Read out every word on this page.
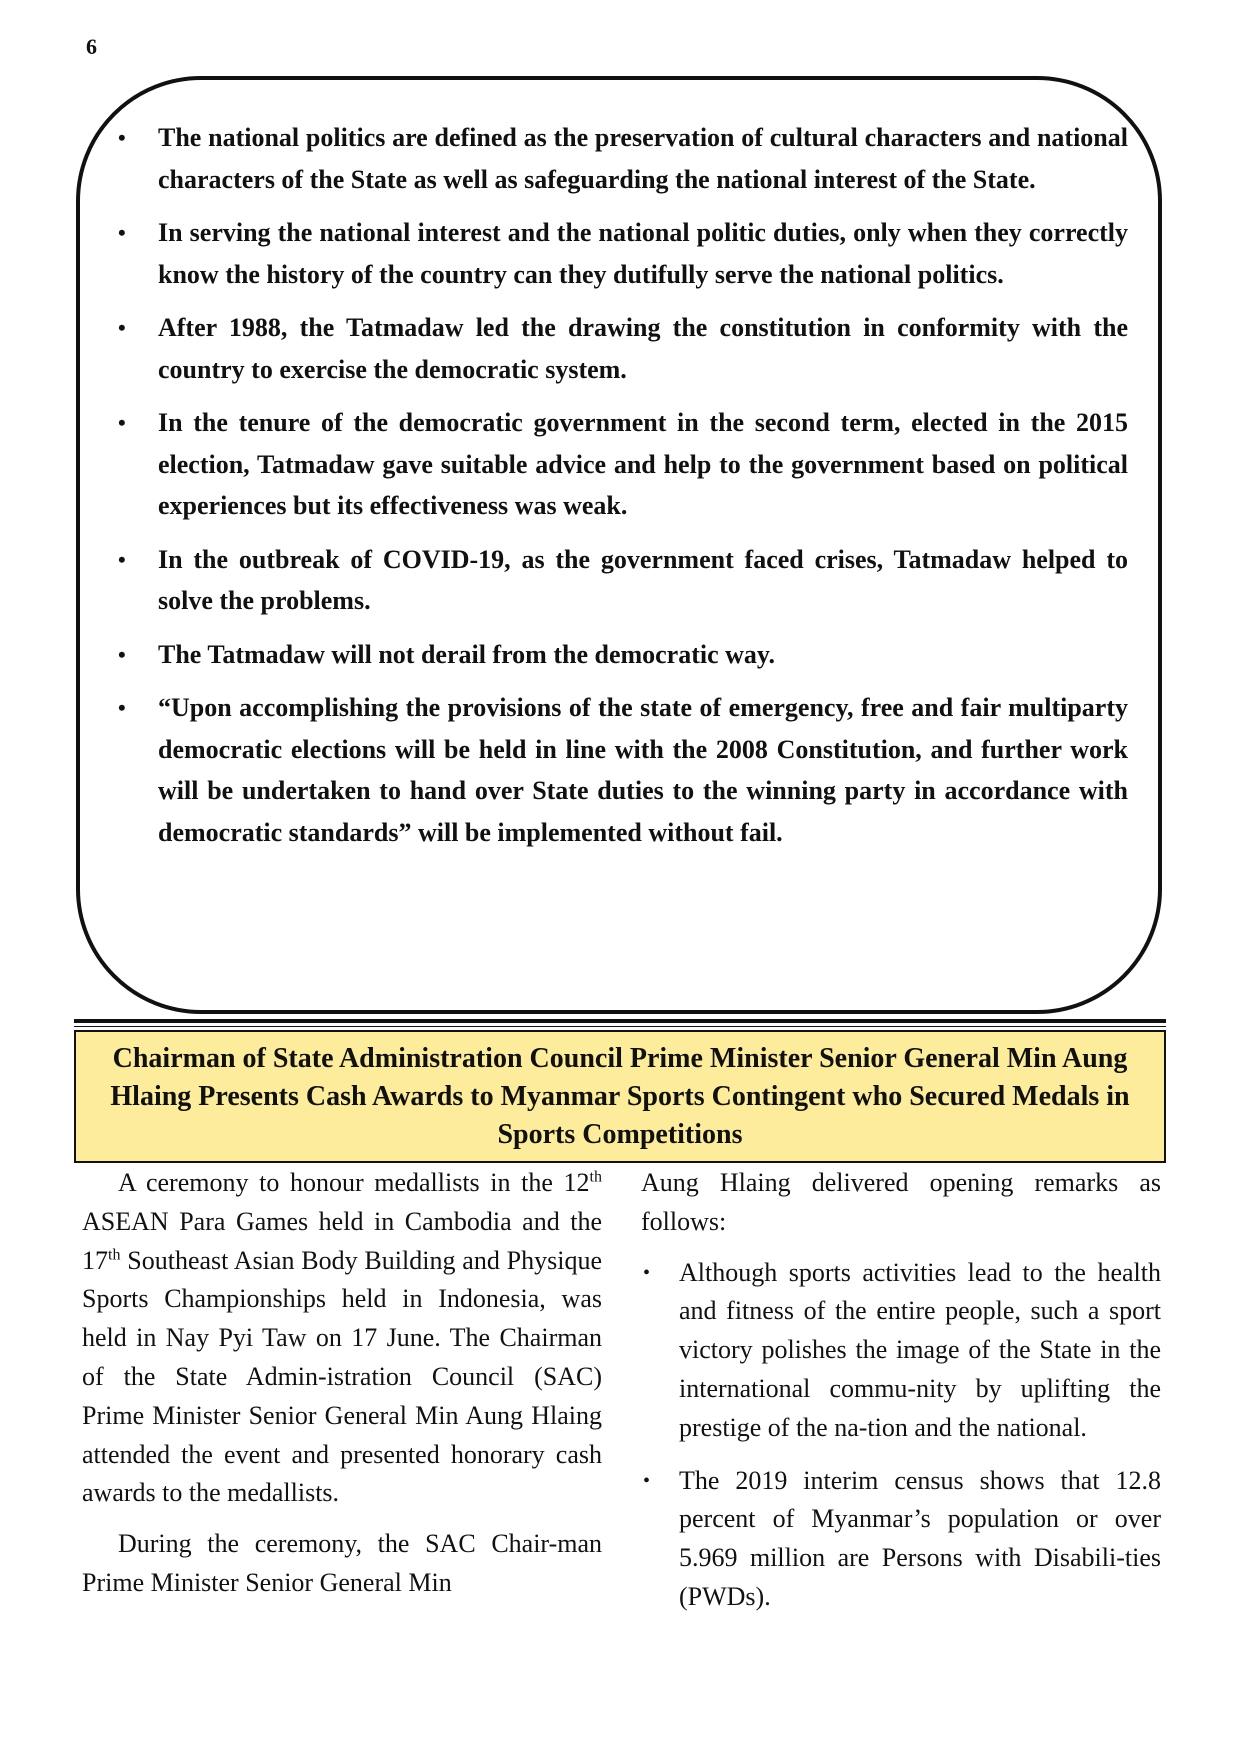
6
• The national politics are defined as the preservation of cultural characters and national characters of the State as well as safeguarding the national interest of the State.
• In serving the national interest and the national politic duties, only when they correctly know the history of the country can they dutifully serve the national politics.
• After 1988, the Tatmadaw led the drawing the constitution in conformity with the country to exercise the democratic system.
• In the tenure of the democratic government in the second term, elected in the 2015 election, Tatmadaw gave suitable advice and help to the government based on political experiences but its effectiveness was weak.
• In the outbreak of COVID-19, as the government faced crises, Tatmadaw helped to solve the problems.
• The Tatmadaw will not derail from the democratic way.
• “Upon accomplishing the provisions of the state of emergency, free and fair multiparty democratic elections will be held in line with the 2008 Constitution, and further work will be undertaken to hand over State duties to the winning party in accordance with democratic standards” will be implemented without fail.

Chairman of State Administration Council Prime Minister Senior General Min Aung Hlaing Presents Cash Awards to Myanmar Sports Contingent who Secured Medals in Sports Competitions

A ceremony to honour medallists in the 12th ASEAN Para Games held in Cambodia and the 17th Southeast Asian Body Building and Physique Sports Championships held in Indonesia, was held in Nay Pyi Taw on 17 June. The Chairman of the State Admin-istration Council (SAC) Prime Minister Senior General Min Aung Hlaing attended the event and presented honorary cash awards to the medallists.

During the ceremony, the SAC Chair-man Prime Minister Senior General Min

Aung Hlaing delivered opening remarks as follows:

• Although sports activities lead to the health and fitness of the entire people, such a sport victory polishes the image of the State in the international commu-nity by uplifting the prestige of the na-tion and the national.
• The 2019 interim census shows that 12.8 percent of Myanmar’s population or over 5.969 million are Persons with Disabili-ties (PWDs).
